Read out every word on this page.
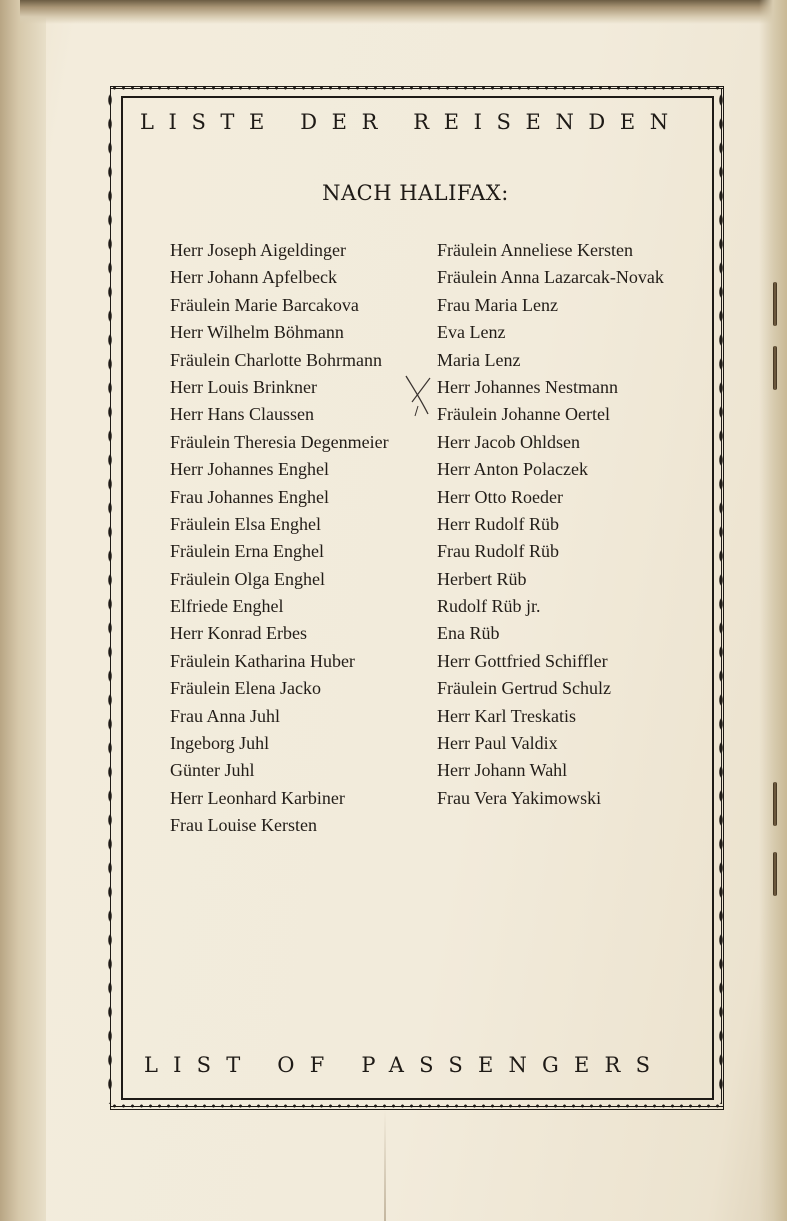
LISTE DER REISENDEN
NACH HALIFAX:
Herr Joseph Aigeldinger
Herr Johann Apfelbeck
Fräulein Marie Barcakova
Herr Wilhelm Böhmann
Fräulein Charlotte Bohrmann
Herr Louis Brinkner
Herr Hans Claussen
Fräulein Theresia Degenmeier
Herr Johannes Enghel
Frau Johannes Enghel
Fräulein Elsa Enghel
Fräulein Erna Enghel
Fräulein Olga Enghel
Elfriede Enghel
Herr Konrad Erbes
Fräulein Katharina Huber
Fräulein Elena Jacko
Frau Anna Juhl
Ingeborg Juhl
Günter Juhl
Herr Leonhard Karbiner
Frau Louise Kersten
Fräulein Anneliese Kersten
Fräulein Anna Lazarcak-Novak
Frau Maria Lenz
Eva Lenz
Maria Lenz
Herr Johannes Nestmann
Fräulein Johanne Oertel
Herr Jacob Ohldsen
Herr Anton Polaczek
Herr Otto Roeder
Herr Rudolf Rüb
Frau Rudolf Rüb
Herbert Rüb
Rudolf Rüb jr.
Ena Rüb
Herr Gottfried Schiffler
Fräulein Gertrud Schulz
Herr Karl Treskatis
Herr Paul Valdix
Herr Johann Wahl
Frau Vera Yakimowski
LIST OF PASSENGERS
